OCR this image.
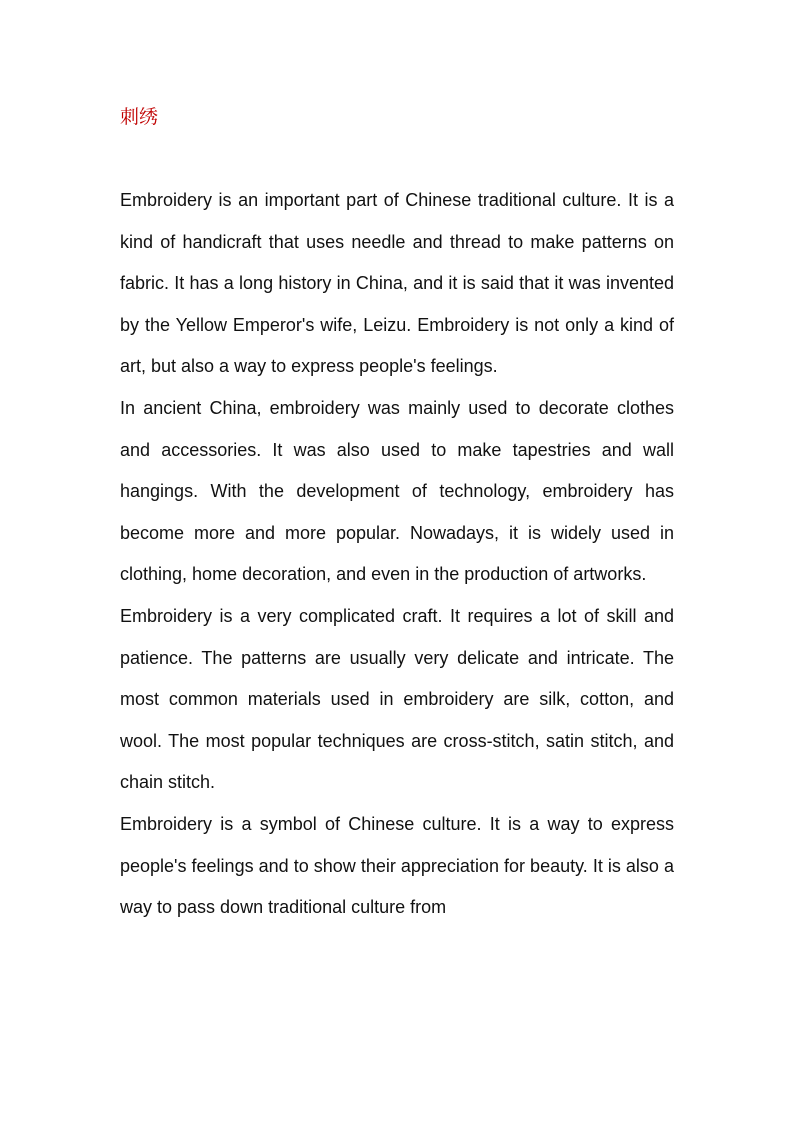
刺绣

Embroidery is an important part of Chinese traditional culture. It is a kind of handicraft that uses needle and thread to make patterns on fabric. It has a long history in China, and it is said that it was invented by the Yellow Emperor's wife, Leizu. Embroidery is not only a kind of art, but also a way to express people's feelings.

In ancient China, embroidery was mainly used to decorate clothes and accessories. It was also used to make tapestries and wall hangings. With the development of technology, embroidery has become more and more popular. Nowadays, it is widely used in clothing, home decoration, and even in the production of artworks.

Embroidery is a very complicated craft. It requires a lot of skill and patience. The patterns are usually very delicate and intricate. The most common materials used in embroidery are silk, cotton, and wool. The most popular techniques are cross-stitch, satin stitch, and chain stitch.

Embroidery is a symbol of Chinese culture. It is a way to express people's feelings and to show their appreciation for beauty. It is also a way to pass down traditional culture from
